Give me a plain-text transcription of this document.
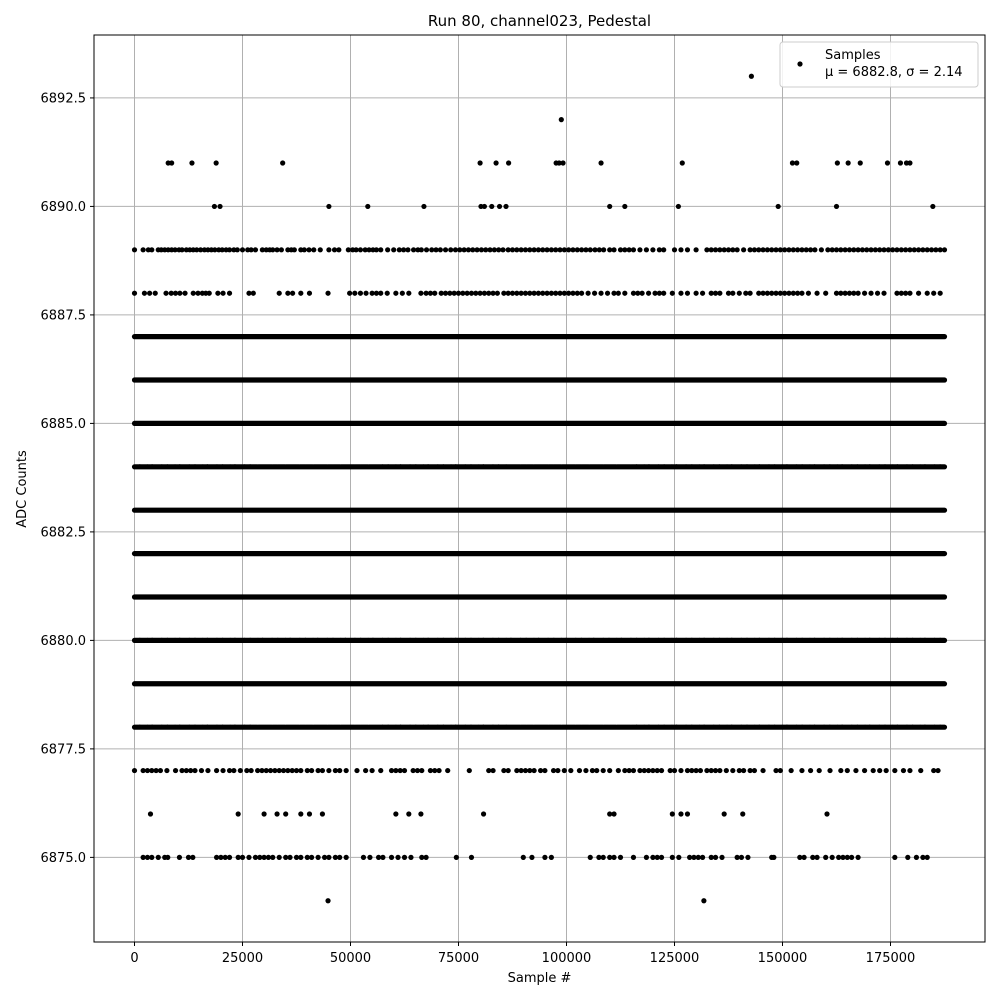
Run 80, channel023, Pedestal
0	25000	50000	75000	100000	125000	150000	175000
6875.0
6877.5
6880.0
6882.5
6885.0
6887.5
6890.0
6892.5
Sample #
ADC Counts
Samples
μ = 6882.8, σ = 2.14
